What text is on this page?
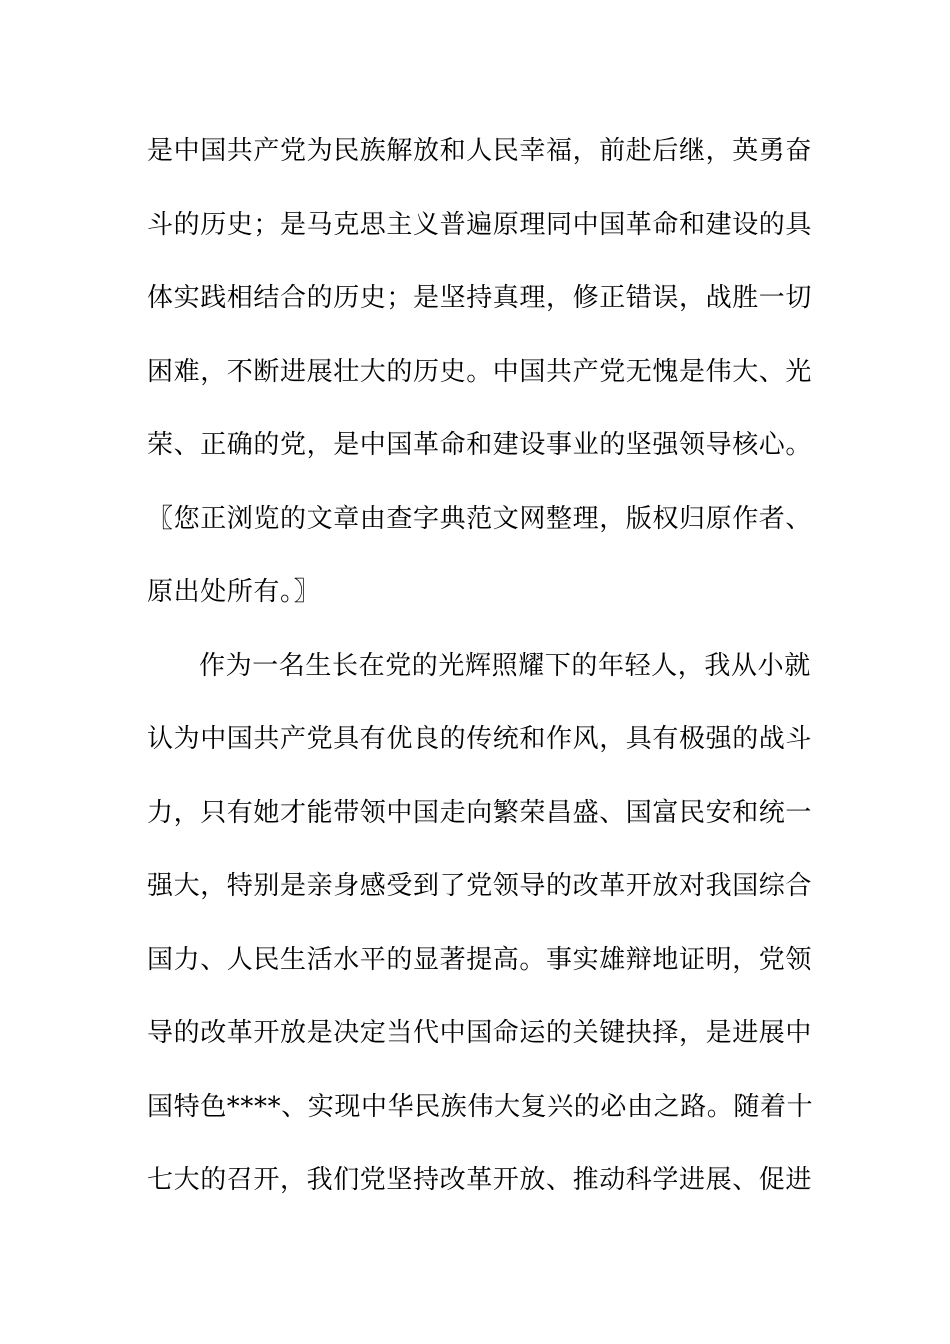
是中国共产党为民族解放和人民幸福，前赴后继，英勇奋
斗的历史；是马克思主义普遍原理同中国革命和建设的具
体实践相结合的历史；是坚持真理，修正错误，战胜一切
困难，不断进展壮大的历史。中国共产党无愧是伟大、光
荣、正确的党，是中国革命和建设事业的坚强领导核心。
〖您正浏览的文章由查字典范文网整理，版权归原作者、
原出处所有。〗
作为一名生长在党的光辉照耀下的年轻人，我从小就
认为中国共产党具有优良的传统和作风，具有极强的战斗
力，只有她才能带领中国走向繁荣昌盛、国富民安和统一
强大，特别是亲身感受到了党领导的改革开放对我国综合
国力、人民生活水平的显著提高。事实雄辩地证明，党领
导的改革开放是决定当代中国命运的关键抉择，是进展中
国特色****、实现中华民族伟大复兴的必由之路。随着十
七大的召开，我们党坚持改革开放、推动科学进展、促进
